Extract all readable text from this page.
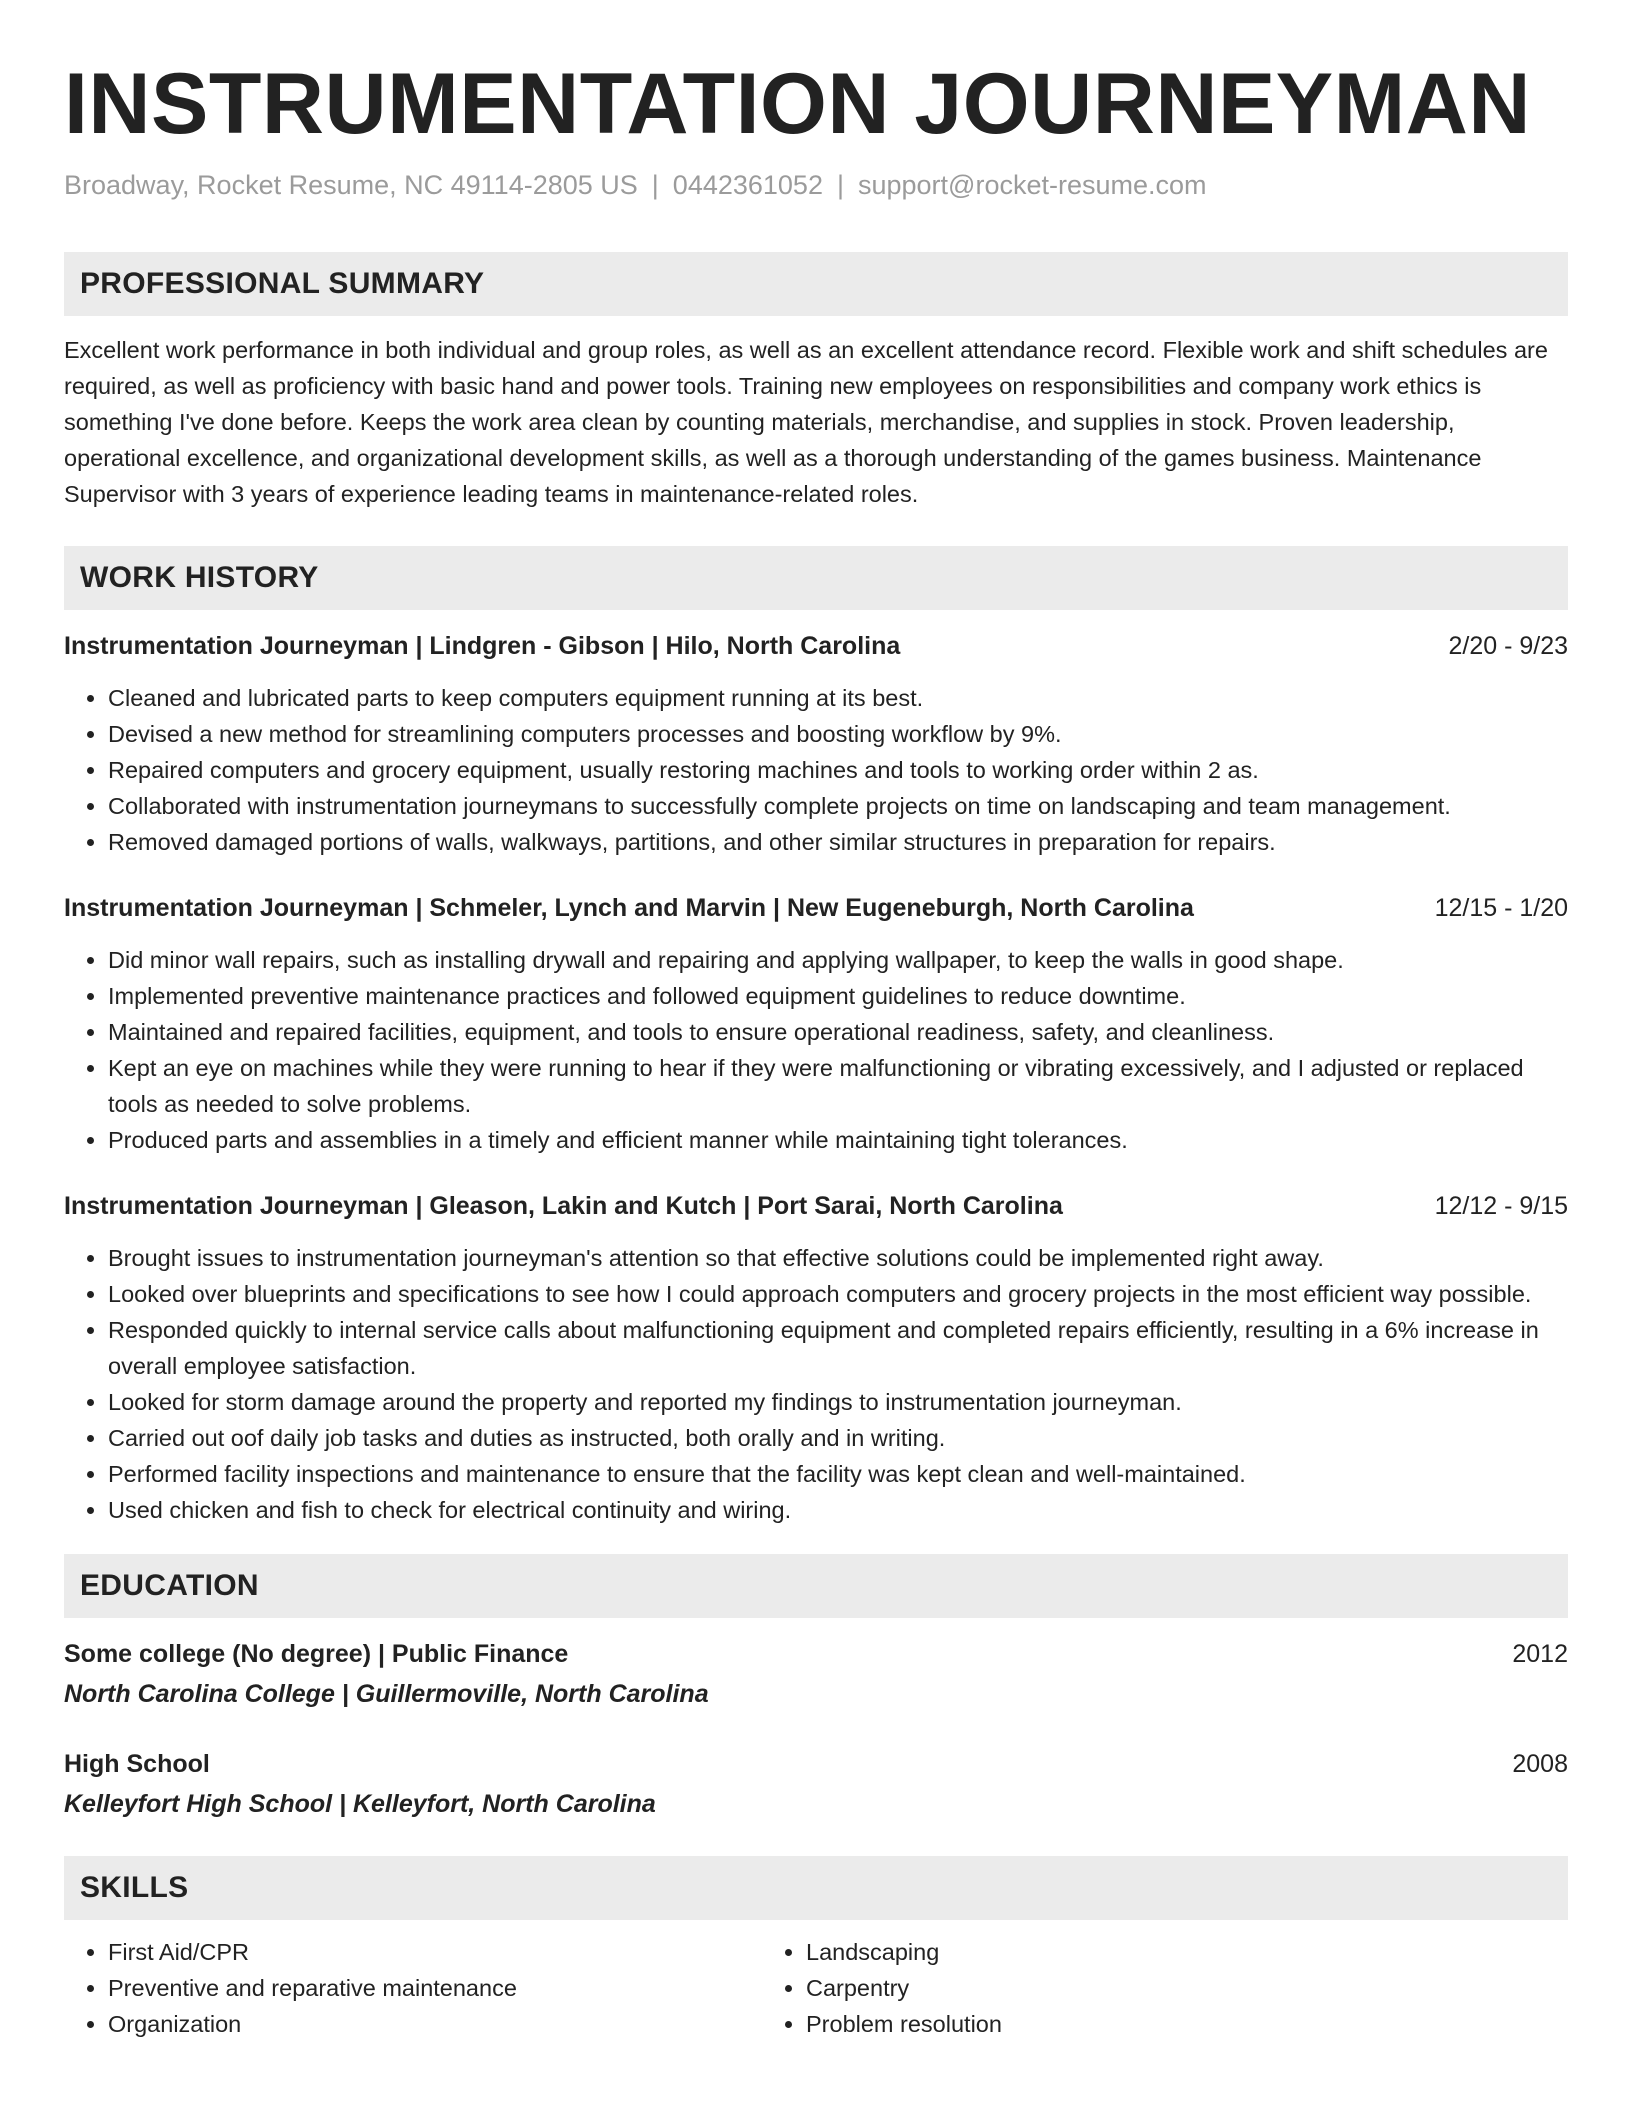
INSTRUMENTATION JOURNEYMAN
Broadway, Rocket Resume, NC 49114-2805 US | 0442361052 | support@rocket-resume.com
PROFESSIONAL SUMMARY
Excellent work performance in both individual and group roles, as well as an excellent attendance record. Flexible work and shift schedules are required, as well as proficiency with basic hand and power tools. Training new employees on responsibilities and company work ethics is something I've done before. Keeps the work area clean by counting materials, merchandise, and supplies in stock. Proven leadership, operational excellence, and organizational development skills, as well as a thorough understanding of the games business. Maintenance Supervisor with 3 years of experience leading teams in maintenance-related roles.
WORK HISTORY
Instrumentation Journeyman | Lindgren - Gibson | Hilo, North Carolina	2/20 - 9/23
• Cleaned and lubricated parts to keep computers equipment running at its best.
• Devised a new method for streamlining computers processes and boosting workflow by 9%.
• Repaired computers and grocery equipment, usually restoring machines and tools to working order within 2 as.
• Collaborated with instrumentation journeymans to successfully complete projects on time on landscaping and team management.
• Removed damaged portions of walls, walkways, partitions, and other similar structures in preparation for repairs.
Instrumentation Journeyman | Schmeler, Lynch and Marvin | New Eugeneburgh, North Carolina	12/15 - 1/20
• Did minor wall repairs, such as installing drywall and repairing and applying wallpaper, to keep the walls in good shape.
• Implemented preventive maintenance practices and followed equipment guidelines to reduce downtime.
• Maintained and repaired facilities, equipment, and tools to ensure operational readiness, safety, and cleanliness.
• Kept an eye on machines while they were running to hear if they were malfunctioning or vibrating excessively, and I adjusted or replaced tools as needed to solve problems.
• Produced parts and assemblies in a timely and efficient manner while maintaining tight tolerances.
Instrumentation Journeyman | Gleason, Lakin and Kutch | Port Sarai, North Carolina	12/12 - 9/15
• Brought issues to instrumentation journeyman's attention so that effective solutions could be implemented right away.
• Looked over blueprints and specifications to see how I could approach computers and grocery projects in the most efficient way possible.
• Responded quickly to internal service calls about malfunctioning equipment and completed repairs efficiently, resulting in a 6% increase in overall employee satisfaction.
• Looked for storm damage around the property and reported my findings to instrumentation journeyman.
• Carried out oof daily job tasks and duties as instructed, both orally and in writing.
• Performed facility inspections and maintenance to ensure that the facility was kept clean and well-maintained.
• Used chicken and fish to check for electrical continuity and wiring.
EDUCATION
Some college (No degree) | Public Finance	2012
North Carolina College | Guillermoville, North Carolina
High School	2008
Kelleyfort High School | Kelleyfort, North Carolina
SKILLS
• First Aid/CPR
• Preventive and reparative maintenance
• Organization
• Landscaping
• Carpentry
• Problem resolution
